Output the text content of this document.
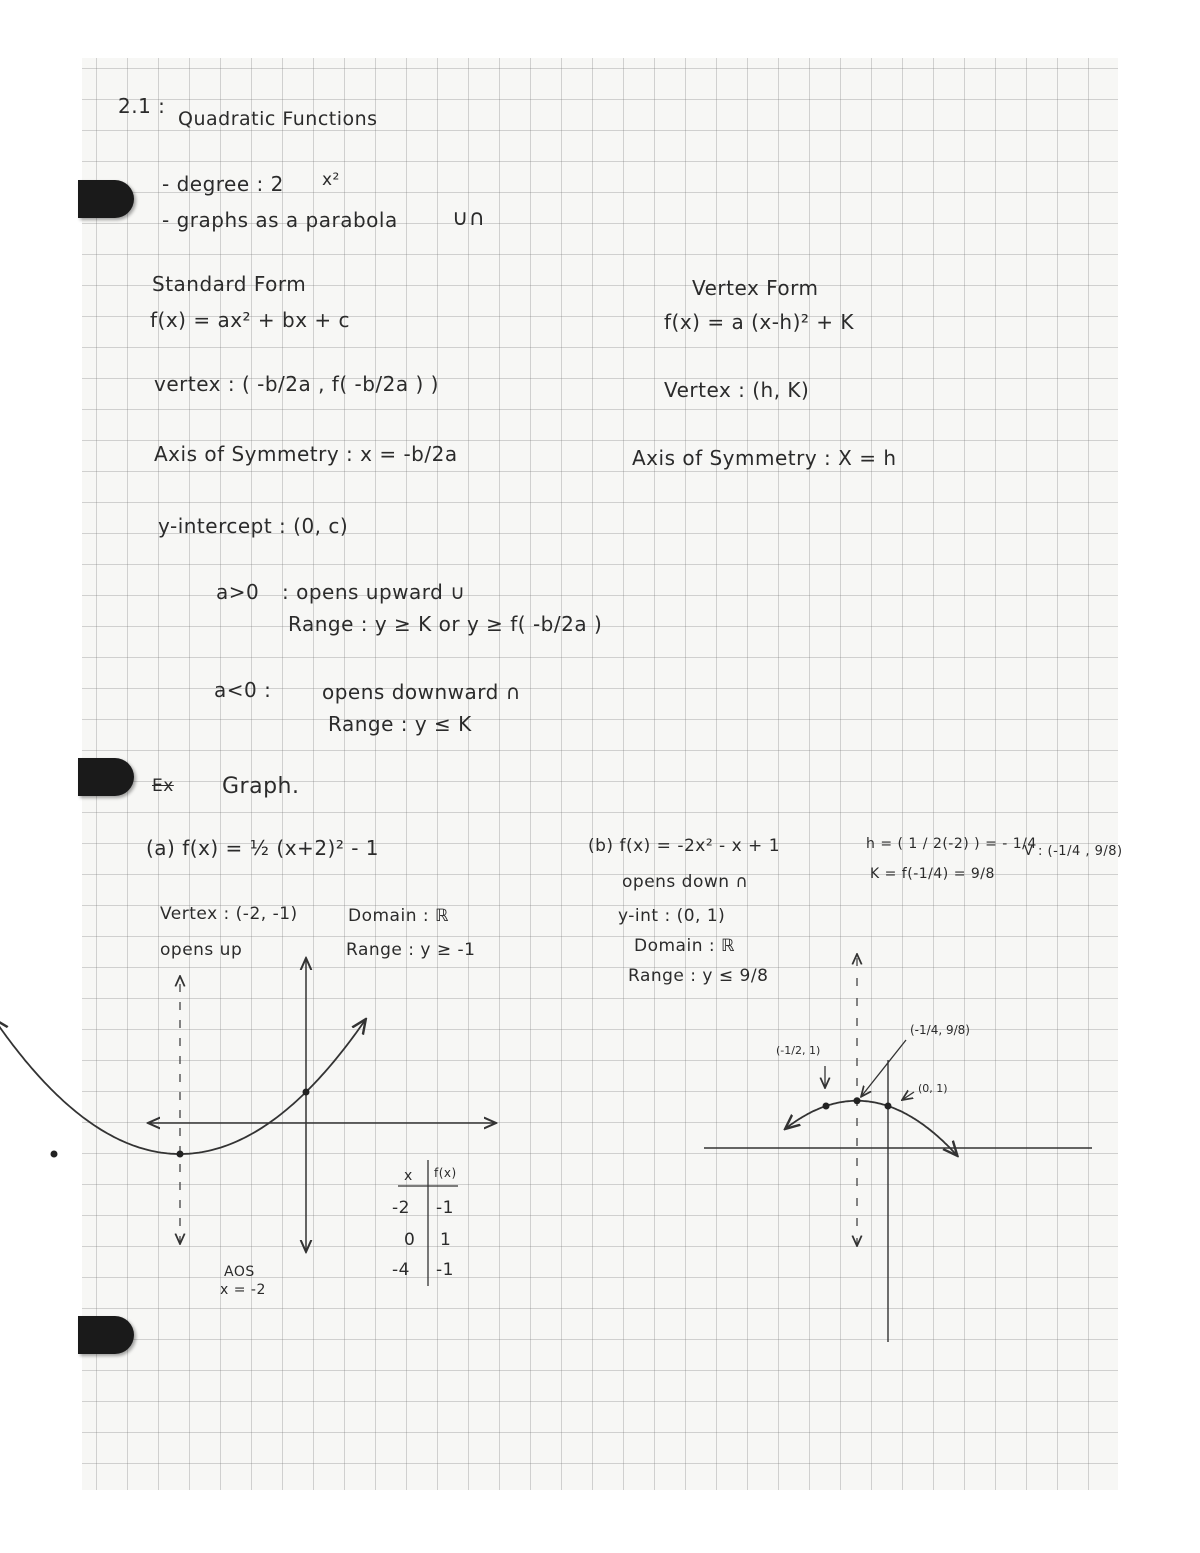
2.1 :
Quadratic Functions
- degree : 2 x²
- graphs as a parabola ∪∩
Standard Form
f(x) = ax² + bx + c
vertex : ( -b/2a , f( -b/2a ) )
Axis of Symmetry : x = -b/2a
y-intercept : (0, c)
Vertex Form
f(x) = a (x-h)² + K
Vertex : (h, K)
Axis of Symmetry : X = h
a>0 : opens upward ∪
Range : y ≥ K or y ≥ f( -b/2a )
a<0 :	opens downward ∩
Range : y ≤ K
Ex Graph.
(a) f(x) = ½ (x+2)² - 1
Vertex : (-2, -1)
opens up
Domain : ℝ
Range : y ≥ -1
AOS
x = -2
x f(x)
-2 -1
0 1
-4 -1
(b) f(x) = -2x² - x + 1
opens down ∩
y-int : (0, 1)
Domain : ℝ
Range : y ≤ 9/8
h = ( 1 / 2(-2) ) = - 1/4
K = f(-1/4) = 9/8
V : (-1/4 , 9/8)
(-1/4, 9/8)
(-1/2, 1)
(0, 1)
